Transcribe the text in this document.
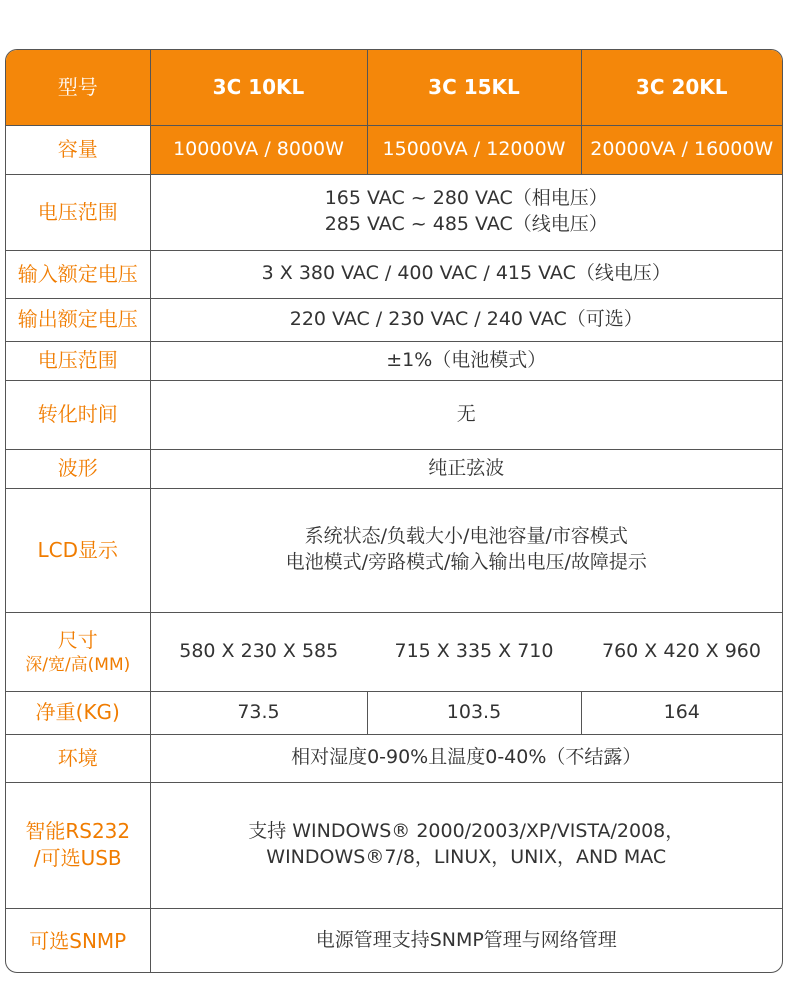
型号	3C 10KL	3C 15KL	3C 20KL
容量	10000VA / 8000W	15000VA / 12000W	20000VA / 16000W
电压范围	165 VAC ~ 280 VAC（相电压）
285 VAC ~ 485 VAC（线电压）		

输入额定电压	3 X 380 VAC / 400 VAC / 415 VAC（线电压）		
输出额定电压	220 VAC / 230 VAC / 240 VAC（可选）		
电压范围	±1%（电池模式）		
转化时间	无		
波形	纯正弦波		
LCD显示	系统状态/负载大小/电池容量/市容模式
电池模式/旁路模式/输入输出电压/故障提示		

尺寸
深/宽/高(MM)	580 X 230 X 585	715 X 335 X 710	760 X 420 X 960
净重(KG)	73.5	103.5	164
环境	相对湿度0-90%且温度0-40%（不结露）		

智能RS232
/可选USB	支持 WINDOWS® 2000/2003/XP/VISTA/2008，
WINDOWS®7/8，LINUX，UNIX，AND MAC		

可选SNMP	电源管理支持SNMP管理与网络管理		
